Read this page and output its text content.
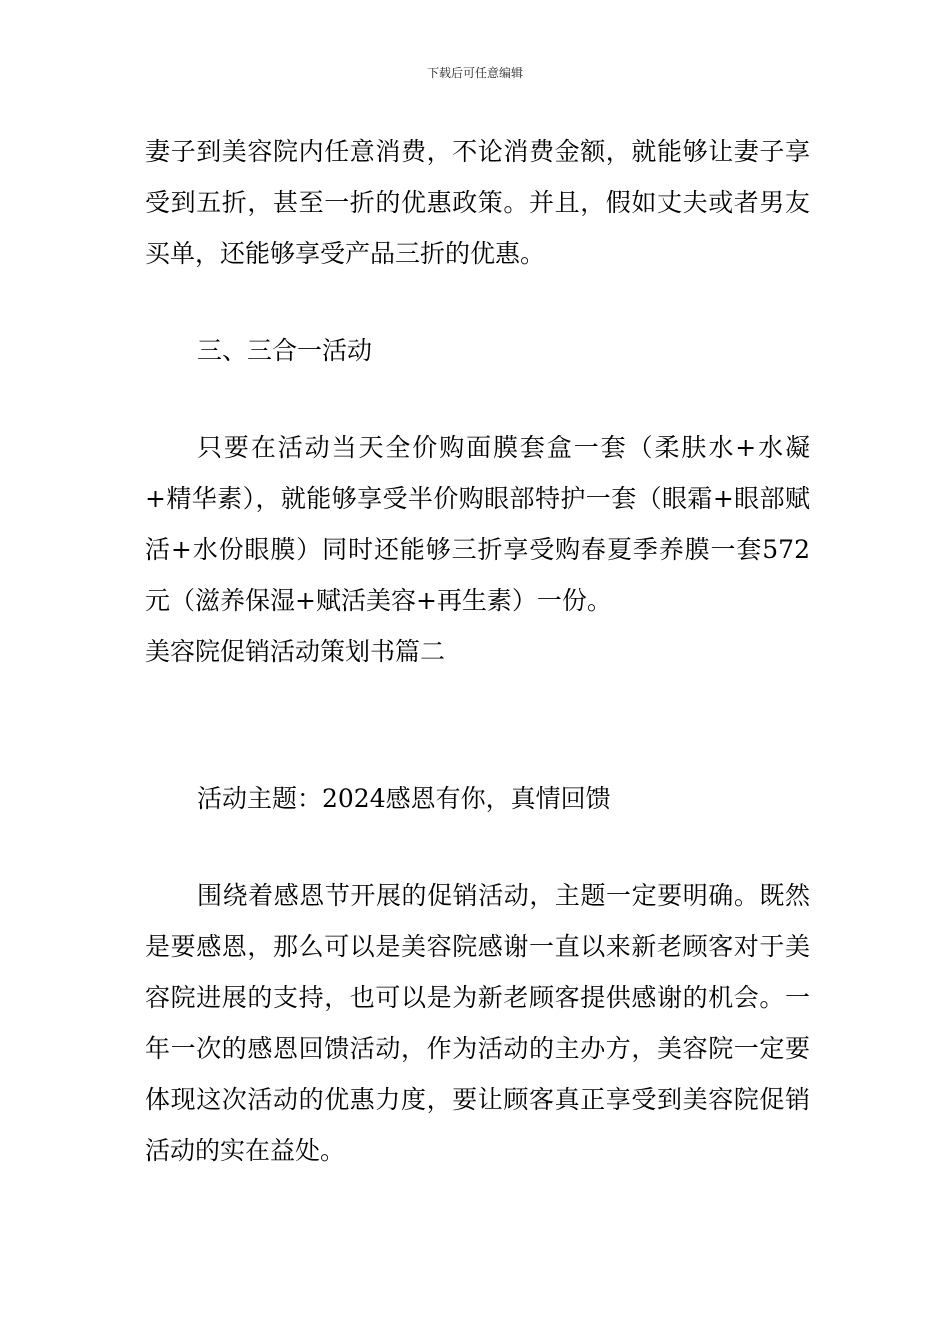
下载后可任意编辑

妻子到美容院内任意消费，不论消费金额，就能够让妻子享受到五折，甚至一折的优惠政策。并且，假如丈夫或者男友买单，还能够享受产品三折的优惠。

三、三合一活动

只要在活动当天全价购面膜套盒一套（柔肤水+水凝+精华素），就能够享受半价购眼部特护一套（眼霜+眼部赋活+水份眼膜）同时还能够三折享受购春夏季养膜一套572元（滋养保湿+赋活美容+再生素）一份。

美容院促销活动策划书篇二

活动主题：2024感恩有你，真情回馈

围绕着感恩节开展的促销活动，主题一定要明确。既然是要感恩，那么可以是美容院感谢一直以来新老顾客对于美容院进展的支持，也可以是为新老顾客提供感谢的机会。一年一次的感恩回馈活动，作为活动的主办方，美容院一定要体现这次活动的优惠力度，要让顾客真正享受到美容院促销活动的实在益处。
